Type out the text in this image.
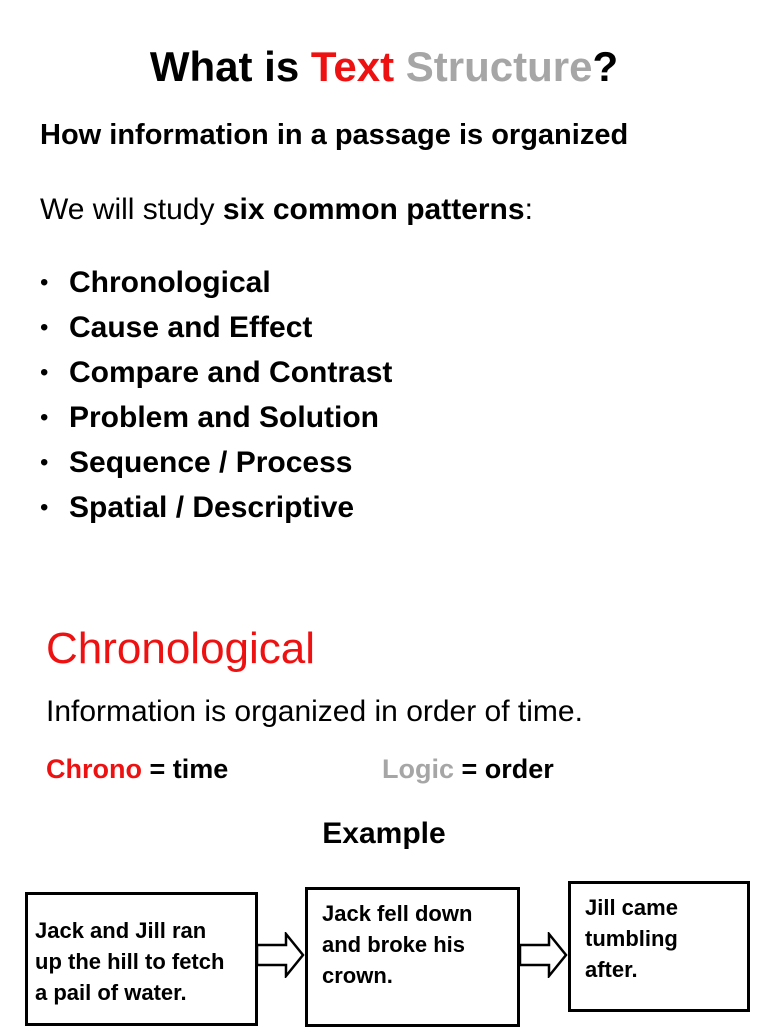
What is Text Structure?
How information in a passage is organized
We will study six common patterns:
• Chronological
• Cause and Effect
• Compare and Contrast
• Problem and Solution
• Sequence / Process
• Spatial / Descriptive
Chronological
Information is organized in order of time.
Chrono = time	Logic = order
Example
Jack and Jill ran
up the hill to fetch
a pail of water.
Jack fell down
and broke his
crown.
Jill came
tumbling
after.
